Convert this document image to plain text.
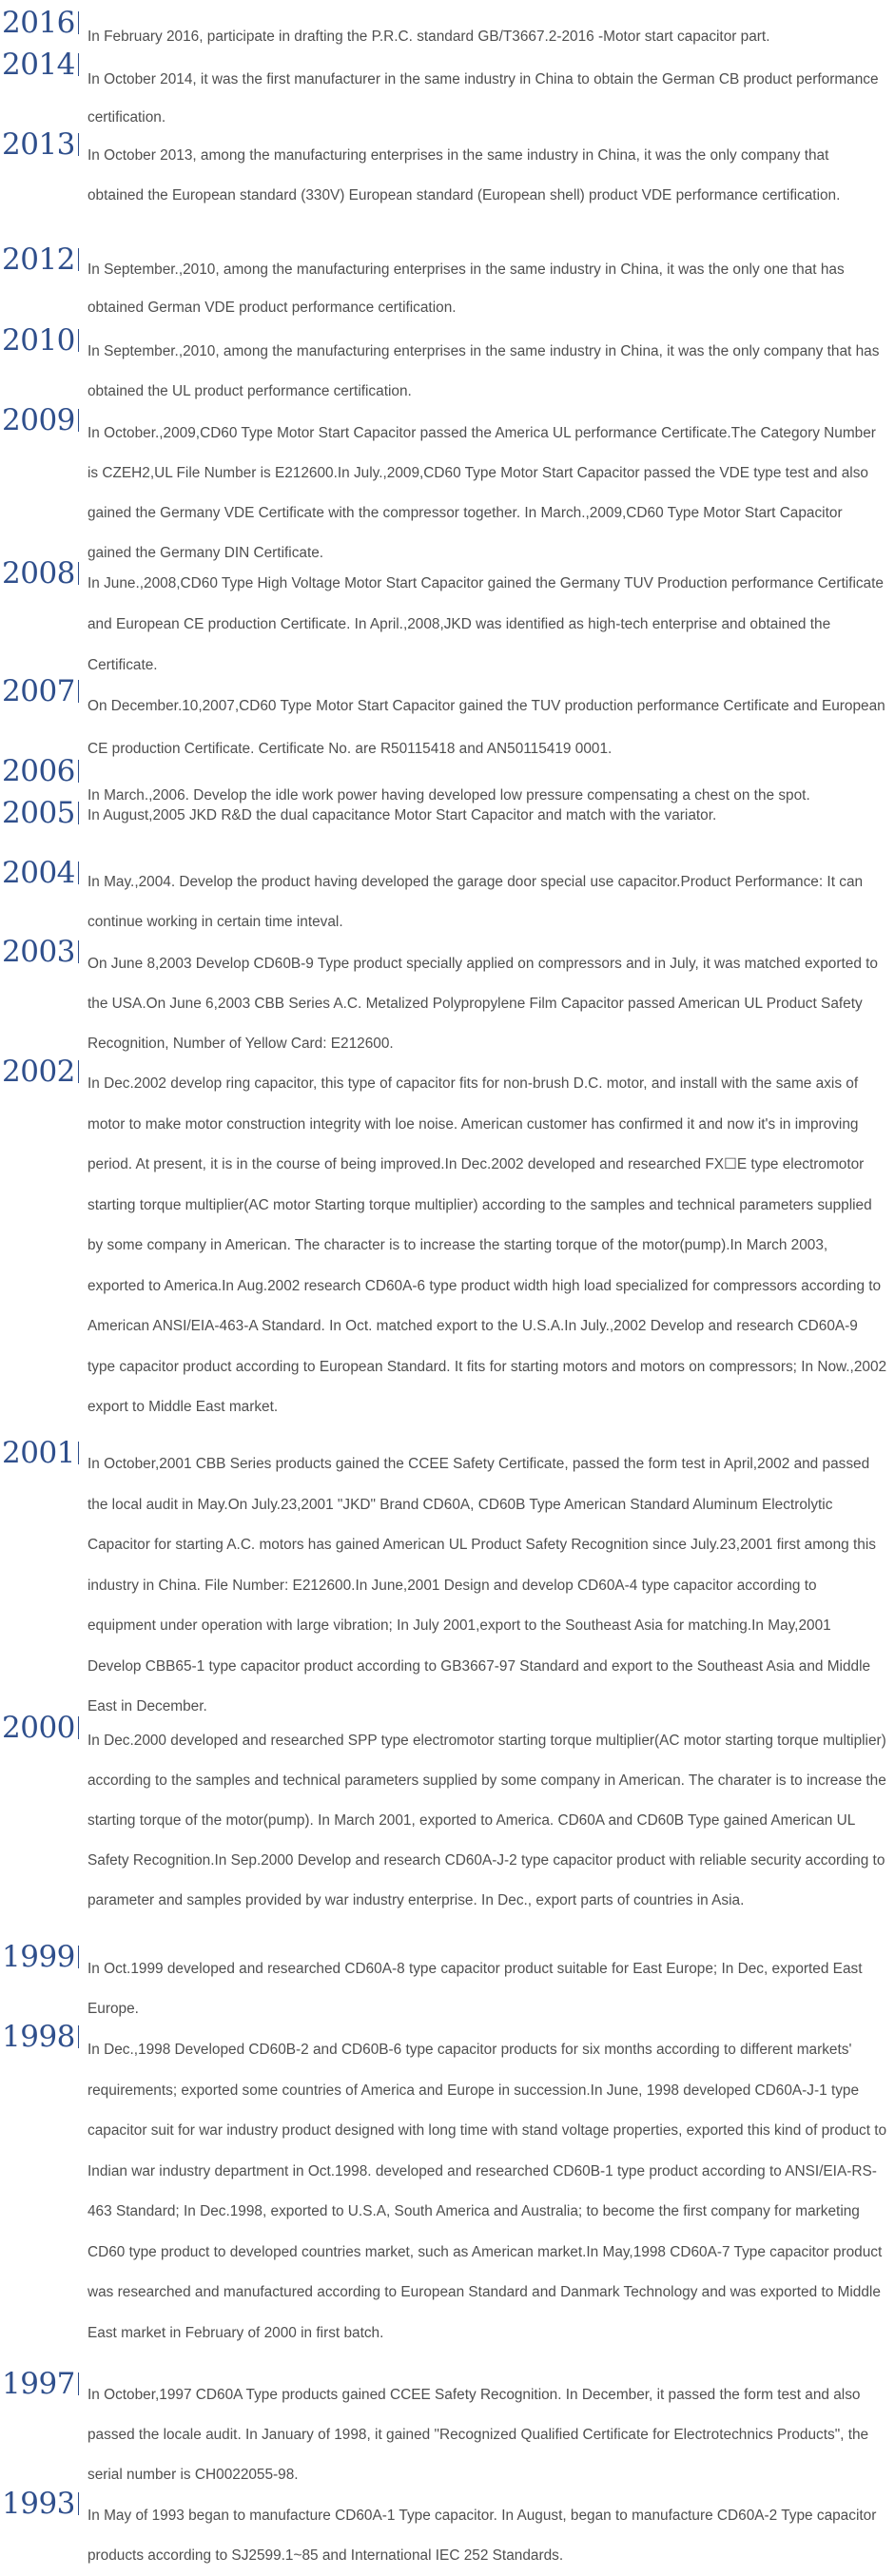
2016 In February 2016, participate in drafting the P.R.C. standard GB/T3667.2-2016 -Motor start capacitor part.

2014 In October 2014, it was the first manufacturer in the same industry in China to obtain the German CB product performance certification.

2013 In October 2013, among the manufacturing enterprises in the same industry in China, it was the only company that obtained the European standard (330V) European standard (European shell) product VDE performance certification.

2012 In September.,2010, among the manufacturing enterprises in the same industry in China, it was the only one that has obtained German VDE product performance certification.

2010 In September.,2010, among the manufacturing enterprises in the same industry in China, it was the only company that has obtained the UL product performance certification.

2009 In October.,2009,CD60 Type Motor Start Capacitor passed the America UL performance Certificate.The Category Number is CZEH2,UL File Number is E212600.In July.,2009,CD60 Type Motor Start Capacitor passed the VDE type test and also gained the Germany VDE Certificate with the compressor together. In March.,2009,CD60 Type Motor Start Capacitor gained the Germany DIN Certificate.

2008 In June.,2008,CD60 Type High Voltage Motor Start Capacitor gained the Germany TUV Production performance Certificate and European CE production Certificate. In April.,2008,JKD was identified as high-tech enterprise and obtained the Certificate.

2007 On December.10,2007,CD60 Type Motor Start Capacitor gained the TUV production performance Certificate and European CE production Certificate. Certificate No. are R50115418 and AN50115419 0001.

2006

In March.,2006. Develop the idle work power having developed low pressure compensating a chest on the spot.

2005 In August,2005 JKD R&D the dual capacitance Motor Start Capacitor and match with the variator.

2004 In May.,2004. Develop the product having developed the garage door special use capacitor.Product Performance: It can continue working in certain time inteval.

2003 On June 8,2003 Develop CD60B-9 Type product specially applied on compressors and in July, it was matched exported to the USA.On June 6,2003 CBB Series A.C. Metalized Polypropylene Film Capacitor passed American UL Product Safety Recognition, Number of Yellow Card: E212600.

2002 In Dec.2002 develop ring capacitor, this type of capacitor fits for non-brush D.C. motor, and install with the same axis of motor to make motor construction integrity with loe noise. American customer has confirmed it and now it's in improving period. At present, it is in the course of being improved.In Dec.2002 developed and researched FX☐E type electromotor starting torque multiplier(AC motor Starting torque multiplier) according to the samples and technical parameters supplied by some company in American. The character is to increase the starting torque of the motor(pump).In March 2003, exported to America.In Aug.2002 research CD60A-6 type product width high load specialized for compressors according to American ANSI/EIA-463-A Standard. In Oct. matched export to the U.S.A.In July.,2002 Develop and research CD60A-9 type capacitor product according to European Standard. It fits for starting motors and motors on compressors; In Now.,2002 export to Middle East market.

2001 In October,2001 CBB Series products gained the CCEE Safety Certificate, passed the form test in April,2002 and passed the local audit in May.On July.23,2001 "JKD" Brand CD60A, CD60B Type American Standard Aluminum Electrolytic Capacitor for starting A.C. motors has gained American UL Product Safety Recognition since July.23,2001 first among this industry in China. File Number: E212600.In June,2001 Design and develop CD60A-4 type capacitor according to equipment under operation with large vibration; In July 2001,export to the Southeast Asia for matching.In May,2001 Develop CBB65-1 type capacitor product according to GB3667-97 Standard and export to the Southeast Asia and Middle East in December.

2000 In Dec.2000 developed and researched SPP type electromotor starting torque multiplier(AC motor starting torque multiplier) according to the samples and technical parameters supplied by some company in American. The charater is to increase the starting torque of the motor(pump). In March 2001, exported to America. CD60A and CD60B Type gained American UL Safety Recognition.In Sep.2000 Develop and research CD60A-J-2 type capacitor product with reliable security according to parameter and samples provided by war industry enterprise. In Dec., export parts of countries in Asia.

1999 In Oct.1999 developed and researched CD60A-8 type capacitor product suitable for East Europe; In Dec, exported East Europe.

1998 In Dec.,1998 Developed CD60B-2 and CD60B-6 type capacitor products for six months according to different markets' requirements; exported some countries of America and Europe in succession.In June, 1998 developed CD60A-J-1 type capacitor suit for war industry product designed with long time with stand voltage properties, exported this kind of product to Indian war industry department in Oct.1998. developed and researched CD60B-1 type product according to ANSI/EIA-RS-463 Standard; In Dec.1998, exported to U.S.A, South America and Australia; to become the first company for marketing CD60 type product to developed countries market, such as American market.In May,1998 CD60A-7 Type capacitor product was researched and manufactured according to European Standard and Danmark Technology and was exported to Middle East market in February of 2000 in first batch.

1997 In October,1997 CD60A Type products gained CCEE Safety Recognition. In December, it passed the form test and also passed the locale audit. In January of 1998, it gained "Recognized Qualified Certificate for Electrotechnics Products", the serial number is CH0022055-98.

1993 In May of 1993 began to manufacture CD60A-1 Type capacitor. In August, began to manufacture CD60A-2 Type capacitor products according to SJ2599.1~85 and International IEC 252 Standards.
